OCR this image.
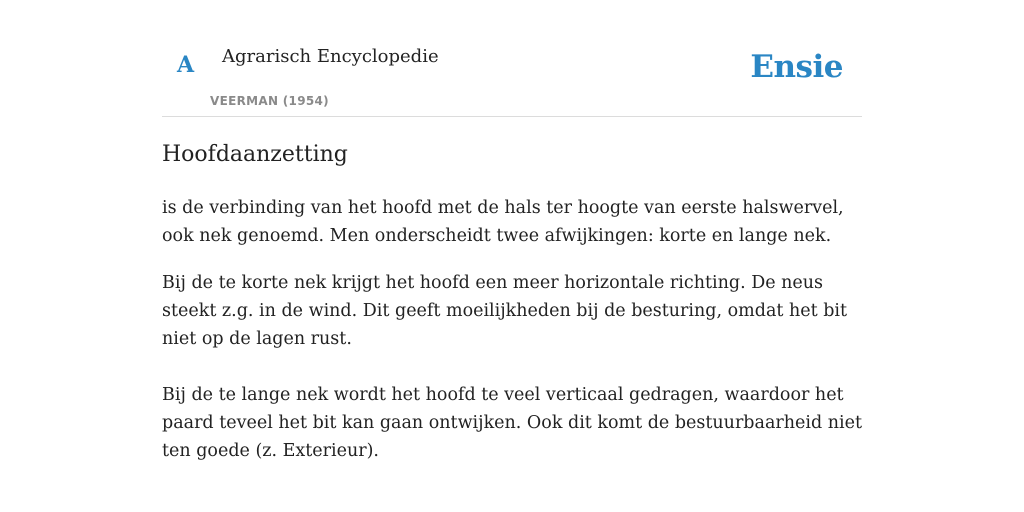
A Agrarisch Encyclopedie
VEERMAN (1954)
Ensie
Hoofdaanzetting

is de verbinding van het hoofd met de hals ter hoogte van eerste halswervel, ook nek genoemd. Men onderscheidt twee afwijkingen: korte en lange nek.

Bij de te korte nek krijgt het hoofd een meer horizontale richting. De neus steekt z.g. in de wind. Dit geeft moeilijkheden bij de besturing, omdat het bit niet op de lagen rust.

Bij de te lange nek wordt het hoofd te veel verticaal gedragen, waardoor het paard teveel het bit kan gaan ontwijken. Ook dit komt de bestuurbaarheid niet ten goede (z. Exterieur).
